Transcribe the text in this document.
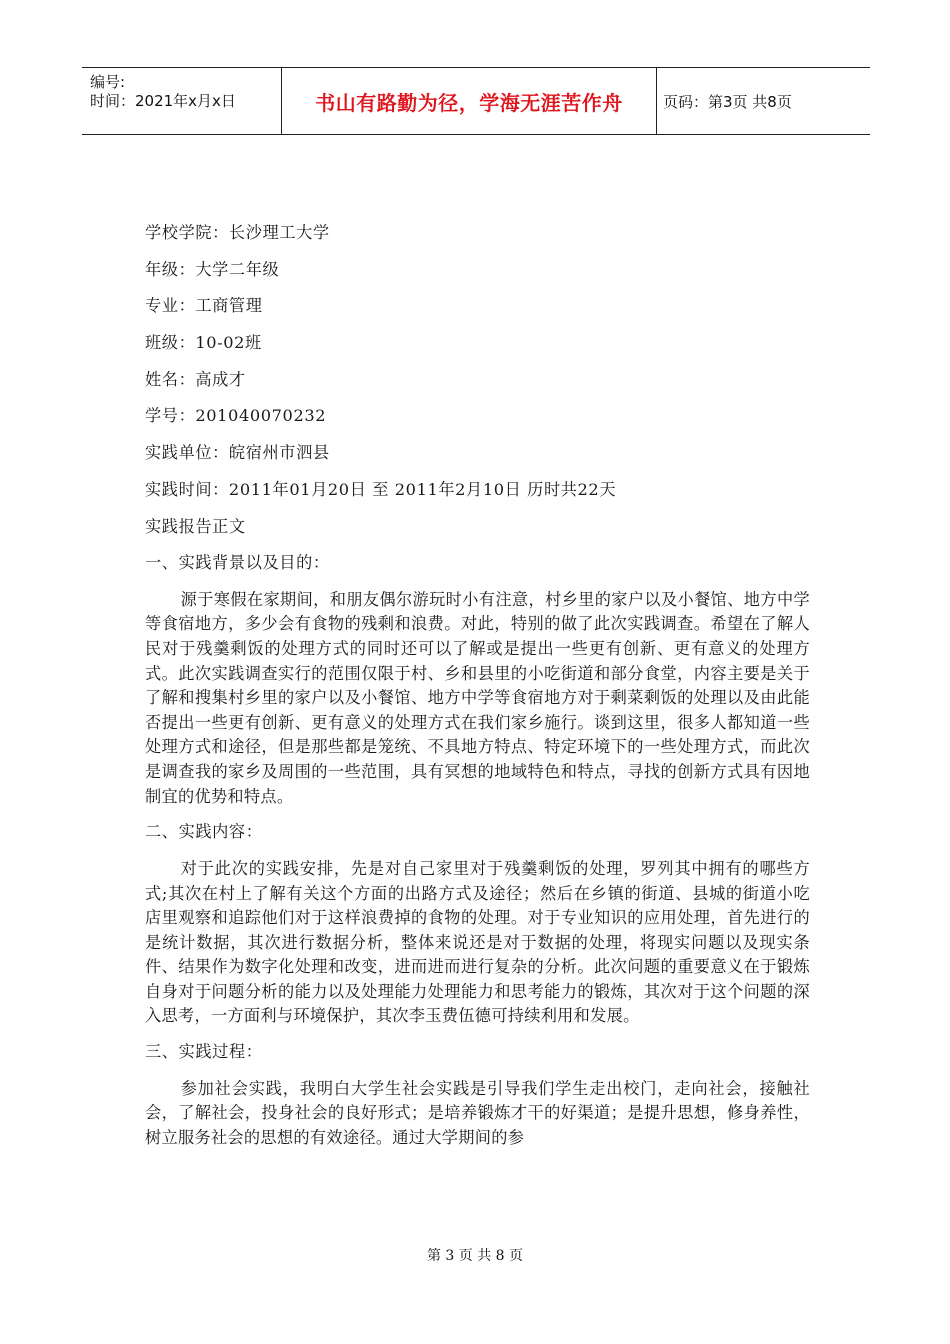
编号:
时间：2021年x月x日	书山有路勤为径，学海无涯苦作舟	页码：第3页 共8页
学校学院：长沙理工大学
年级：大学二年级
专业：工商管理
班级：10-02班
姓名：高成才
学号：201040070232
实践单位：皖宿州市泗县
实践时间：2011年01月20日 至 2011年2月10日 历时共22天
实践报告正文
一、实践背景以及目的：

源于寒假在家期间，和朋友偶尔游玩时小有注意，村乡里的家户以及小餐馆、地方中学等食宿地方，多少会有食物的残剩和浪费。对此，特别的做了此次实践调查。希望在了解人民对于残羹剩饭的处理方式的同时还可以了解或是提出一些更有创新、更有意义的处理方式。此次实践调查实行的范围仅限于村、乡和县里的小吃街道和部分食堂，内容主要是关于了解和搜集村乡里的家户以及小餐馆、地方中学等食宿地方对于剩菜剩饭的处理以及由此能否提出一些更有创新、更有意义的处理方式在我们家乡施行。谈到这里，很多人都知道一些处理方式和途径，但是那些都是笼统、不具地方特点、特定环境下的一些处理方式，而此次是调查我的家乡及周围的一些范围，具有冥想的地域特色和特点，寻找的创新方式具有因地制宜的优势和特点。

二、实践内容：

对于此次的实践安排，先是对自己家里对于残羹剩饭的处理，罗列其中拥有的哪些方式;其次在村上了解有关这个方面的出路方式及途径；然后在乡镇的街道、县城的街道小吃店里观察和追踪他们对于这样浪费掉的食物的处理。对于专业知识的应用处理，首先进行的是统计数据，其次进行数据分析，整体来说还是对于数据的处理，将现实问题以及现实条件、结果作为数字化处理和改变，进而进而进行复杂的分析。此次问题的重要意义在于锻炼自身对于问题分析的能力以及处理能力处理能力和思考能力的锻炼，其次对于这个问题的深入思考，一方面利与环境保护，其次李玉费伍德可持续利用和发展。

三、实践过程：

参加社会实践，我明白大学生社会实践是引导我们学生走出校门，走向社会，接触社会，了解社会，投身社会的良好形式；是培养锻炼才干的好渠道；是提升思想，修身养性，树立服务社会的思想的有效途径。通过大学期间的参

第 3 页 共 8 页
